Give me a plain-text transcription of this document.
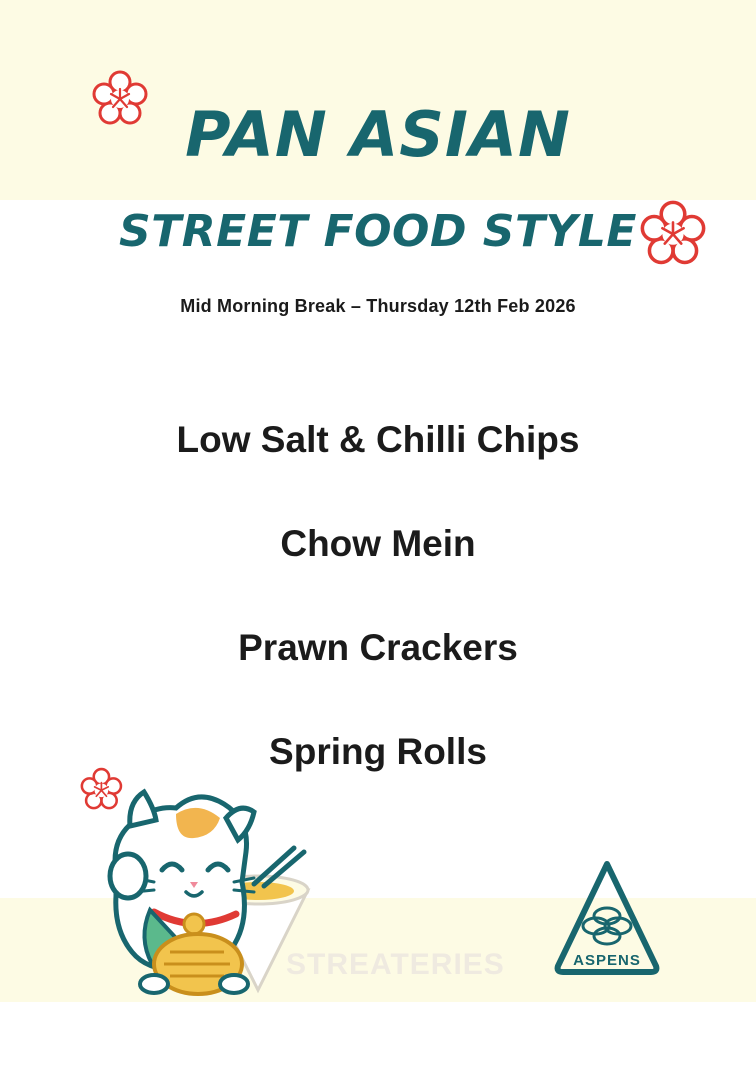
PAN ASIAN
STREET FOOD STYLE
Mid Morning Break – Thursday 12th Feb 2026
Low Salt & Chilli Chips
Chow Mein
Prawn Crackers
Spring Rolls
STREATERIES	ASPENS
